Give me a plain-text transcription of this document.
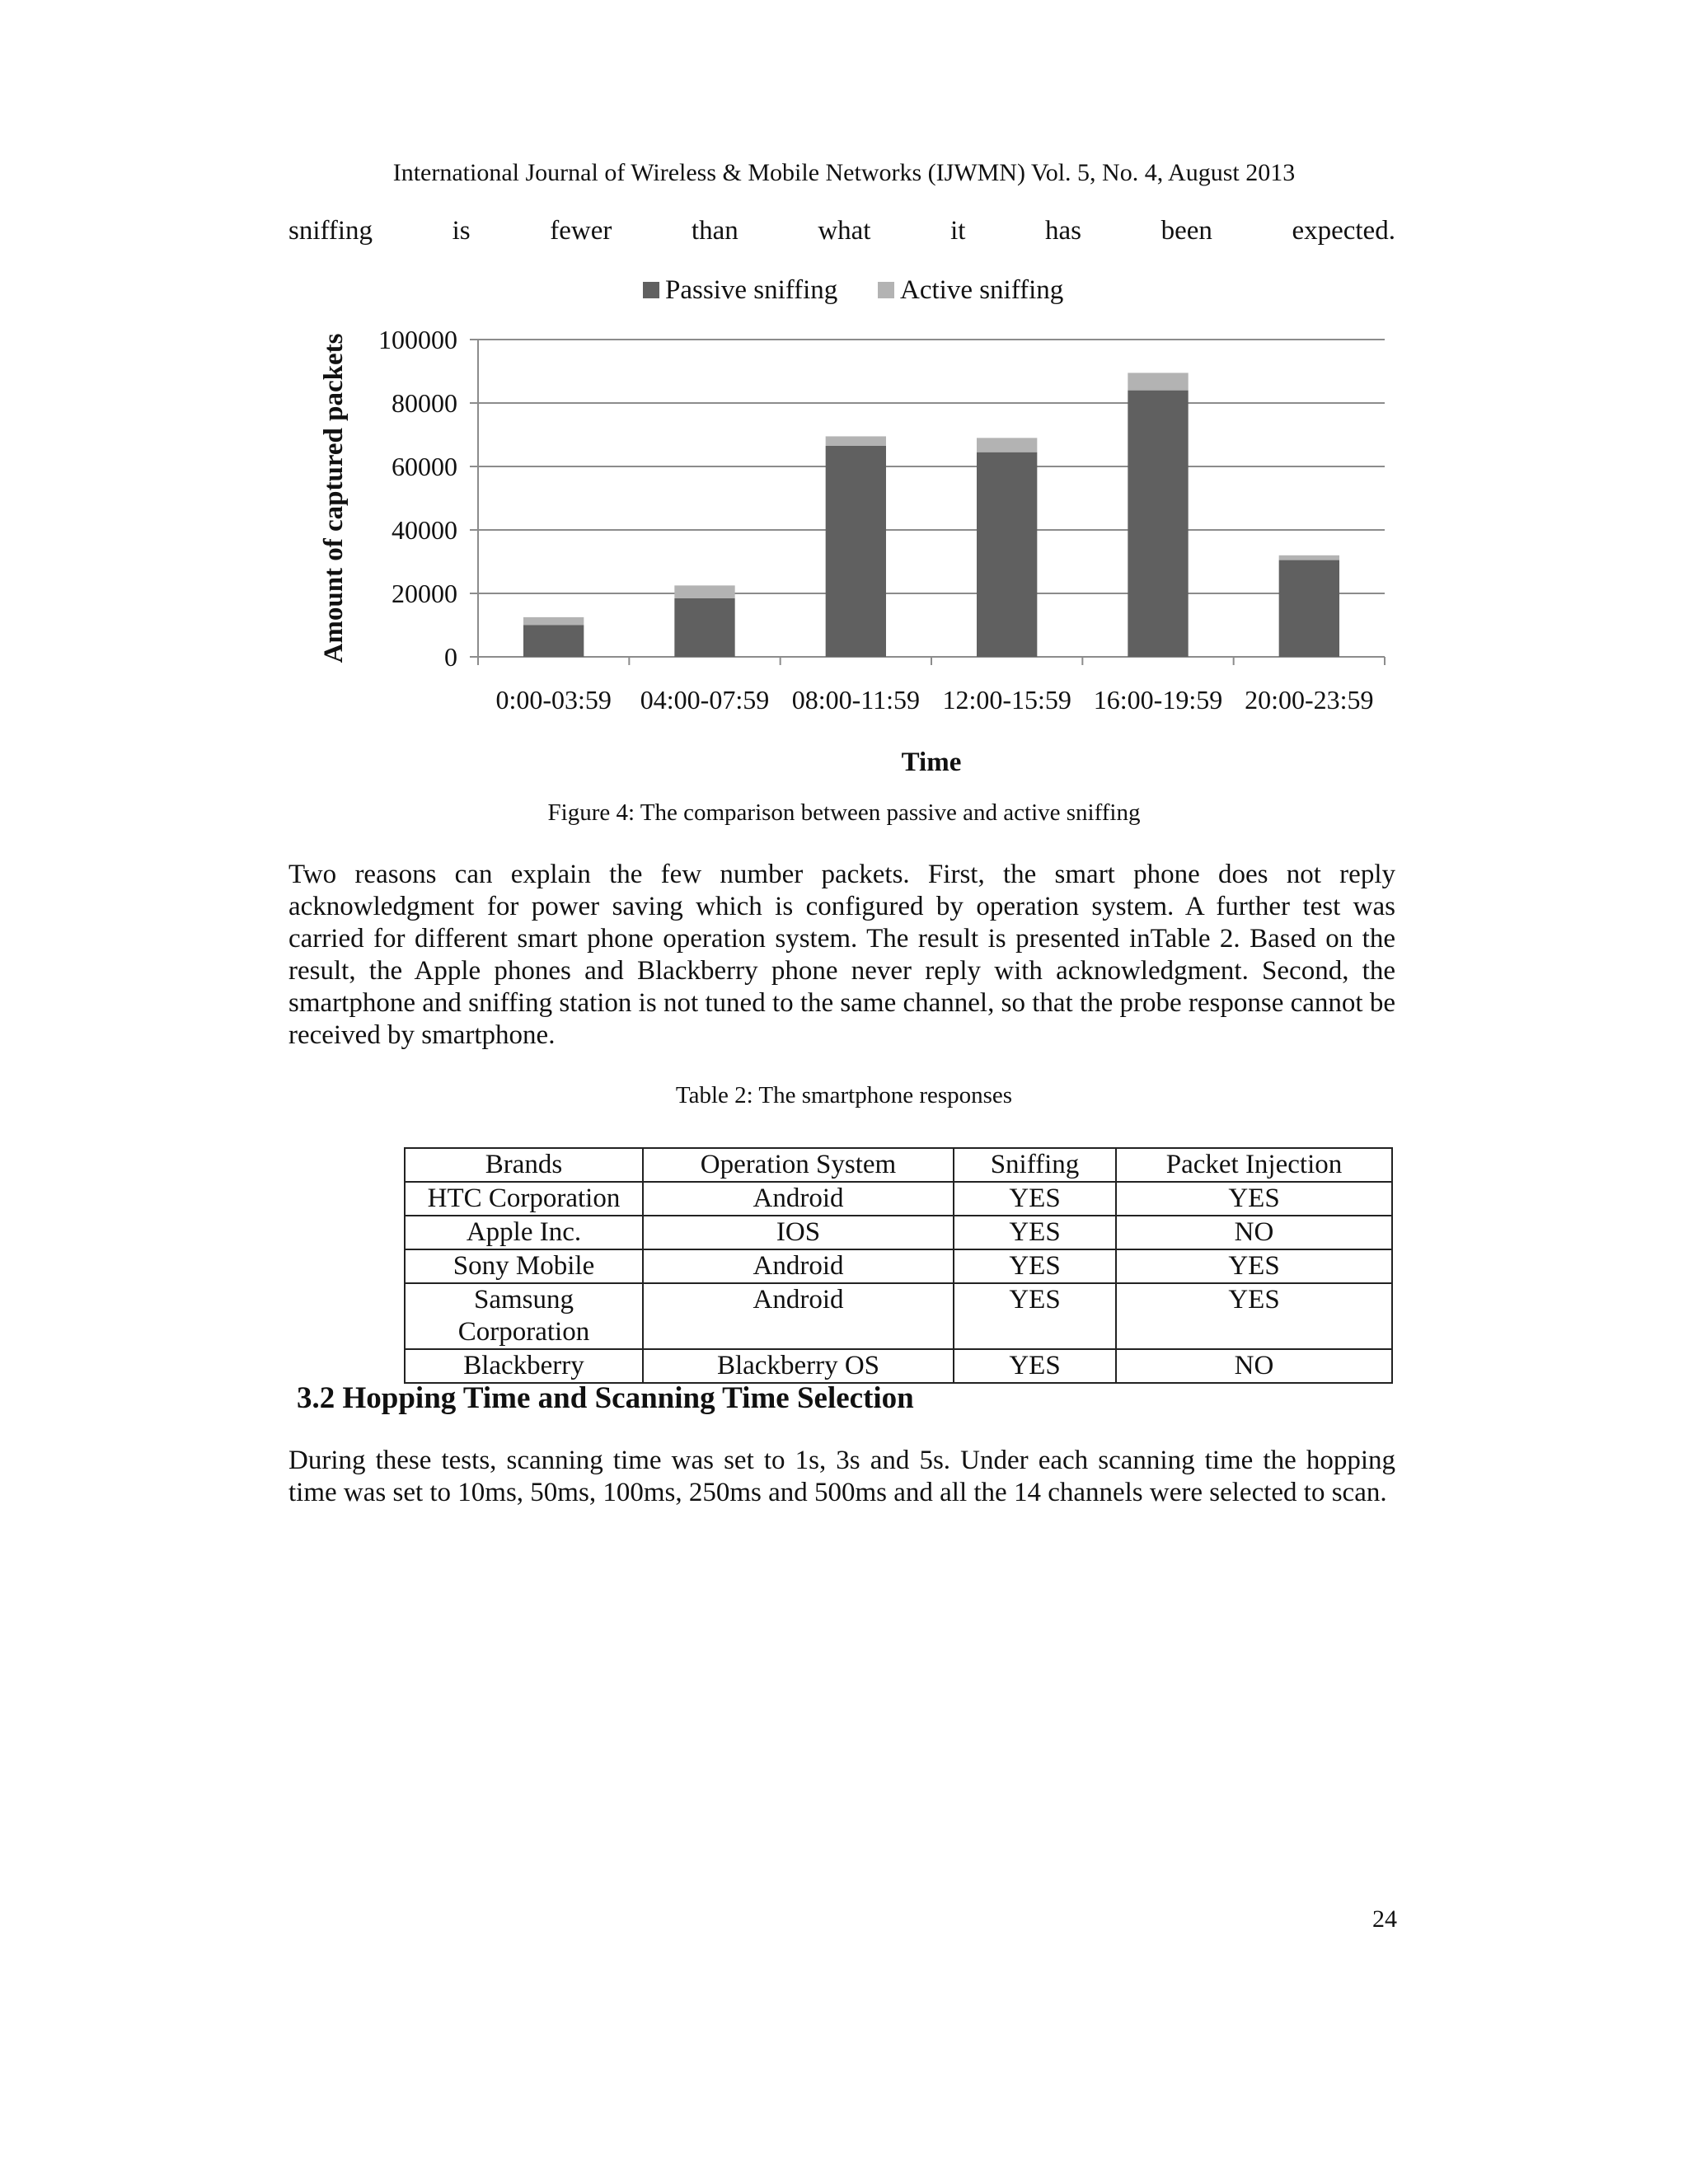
International Journal of Wireless & Mobile Networks (IJWMN) Vol. 5, No. 4, August 2013
sniffing	is	fewer	than	what	it	has	been	expected.
0
20000
40000
60000
80000
100000
0:00-03:59 04:00-07:59 08:00-11:59 12:00-15:59 16:00-19:59 20:00-23:59
Time
Amount of captured packets
Passive sniffing Active sniffing
Figure 4: The comparison between passive and active sniffing
Two reasons can explain the few number packets. First, the smart phone does not reply acknowledgment for power saving which is configured by operation system. A further test was carried for different smart phone operation system. The result is presented inTable 2. Based on the result, the Apple phones and Blackberry phone never reply with acknowledgment. Second, the smartphone and sniffing station is not tuned to the same channel, so that the probe response cannot be received by smartphone.
Table 2: The smartphone responses
Brands	Operation System	Sniffing	Packet Injection
HTC Corporation	Android	YES	YES
Apple Inc.	IOS	YES	NO
Sony Mobile	Android	YES	YES
Samsung Corporation	Android	YES	YES
Blackberry	Blackberry OS	YES	NO
3.2 Hopping Time and Scanning Time Selection
During these tests, scanning time was set to 1s, 3s and 5s. Under each scanning time the hopping time was set to 10ms, 50ms, 100ms, 250ms and 500ms and all the 14 channels were selected to scan.
24
